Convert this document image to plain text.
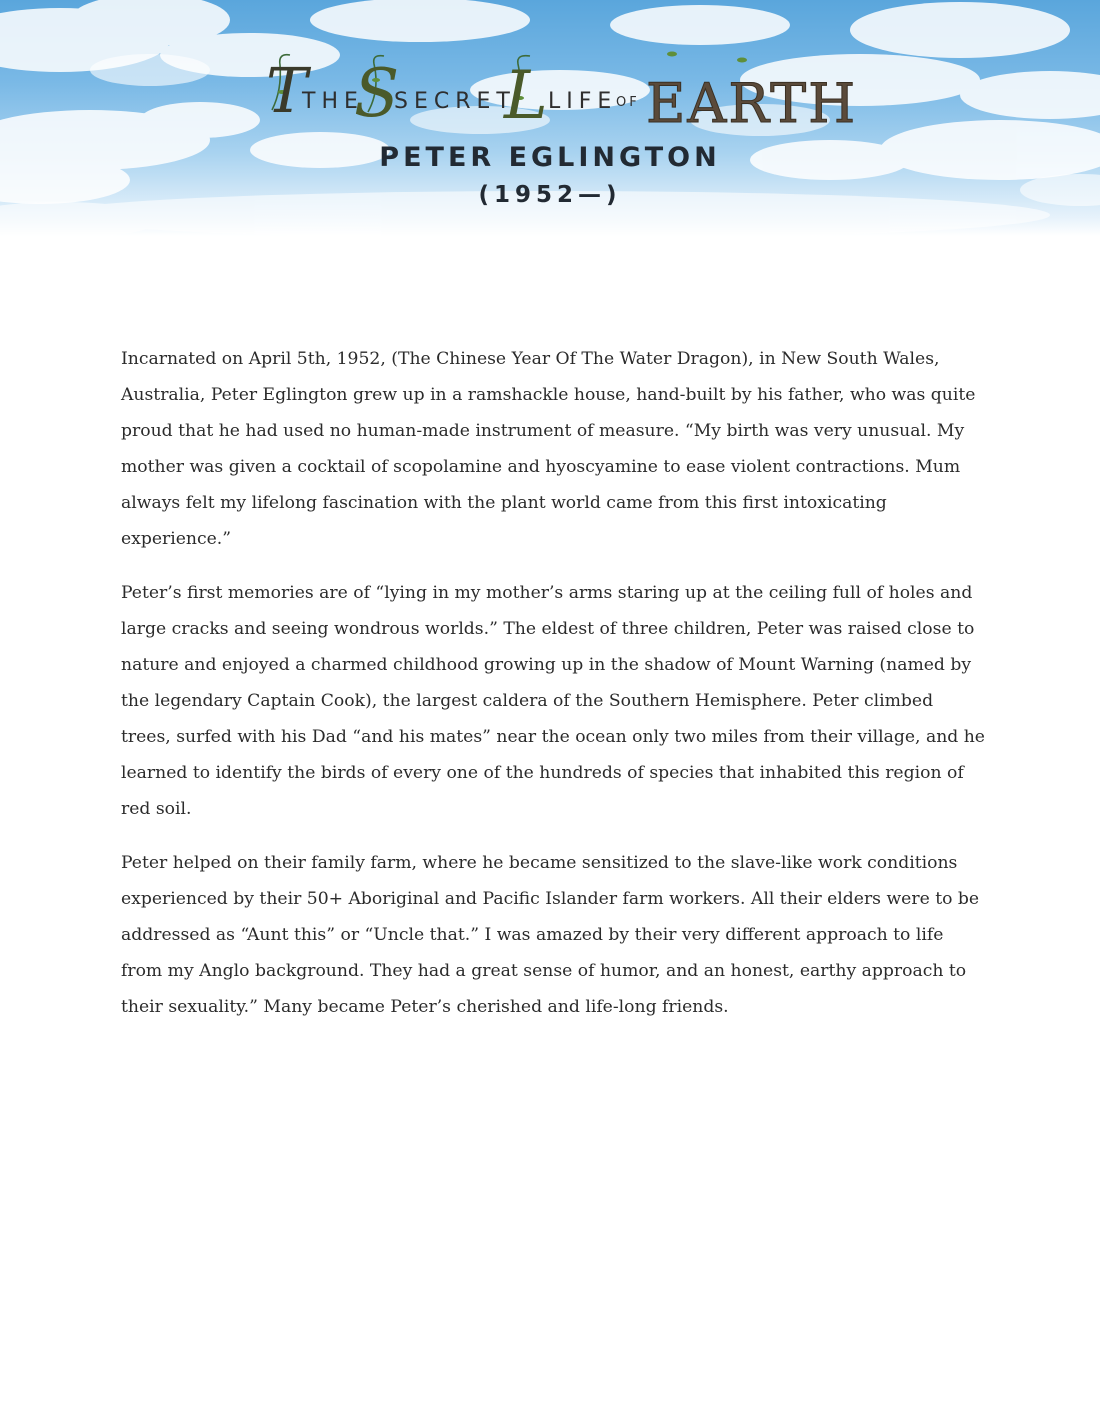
T
THE
S
SECRET
L LIFE
OF EARTH
PETER EGLINGTON
(1952—)

Incarnated on April 5th, 1952, (The Chinese Year Of The Water Dragon), in New South Wales, Australia, Peter Eglington grew up in a ramshackle house, hand-built by his father, who was quite proud that he had used no human-made instrument of measure. “My birth was very unusual. My mother was given a cocktail of scopolamine and hyoscyamine to ease violent contractions. Mum always felt my lifelong fascination with the plant world came from this first intoxicating experience.”

Peter’s first memories are of “lying in my mother’s arms staring up at the ceiling full of holes and large cracks and seeing wondrous worlds.” The eldest of three children, Peter was raised close to nature and enjoyed a charmed childhood growing up in the shadow of Mount Warning (named by the legendary Captain Cook), the largest caldera of the Southern Hemisphere. Peter climbed trees, surfed with his Dad “and his mates” near the ocean only two miles from their village, and he learned to identify the birds of every one of the hundreds of species that inhabited this region of red soil.

Peter helped on their family farm, where he became sensitized to the slave-like work conditions experienced by their 50+ Aboriginal and Pacific Islander farm workers. All their elders were to be addressed as “Aunt this” or “Uncle that.” I was amazed by their very different approach to life from my Anglo background. They had a great sense of humor, and an honest, earthy approach to their sexuality.” Many became Peter’s cherished and life-long friends.
